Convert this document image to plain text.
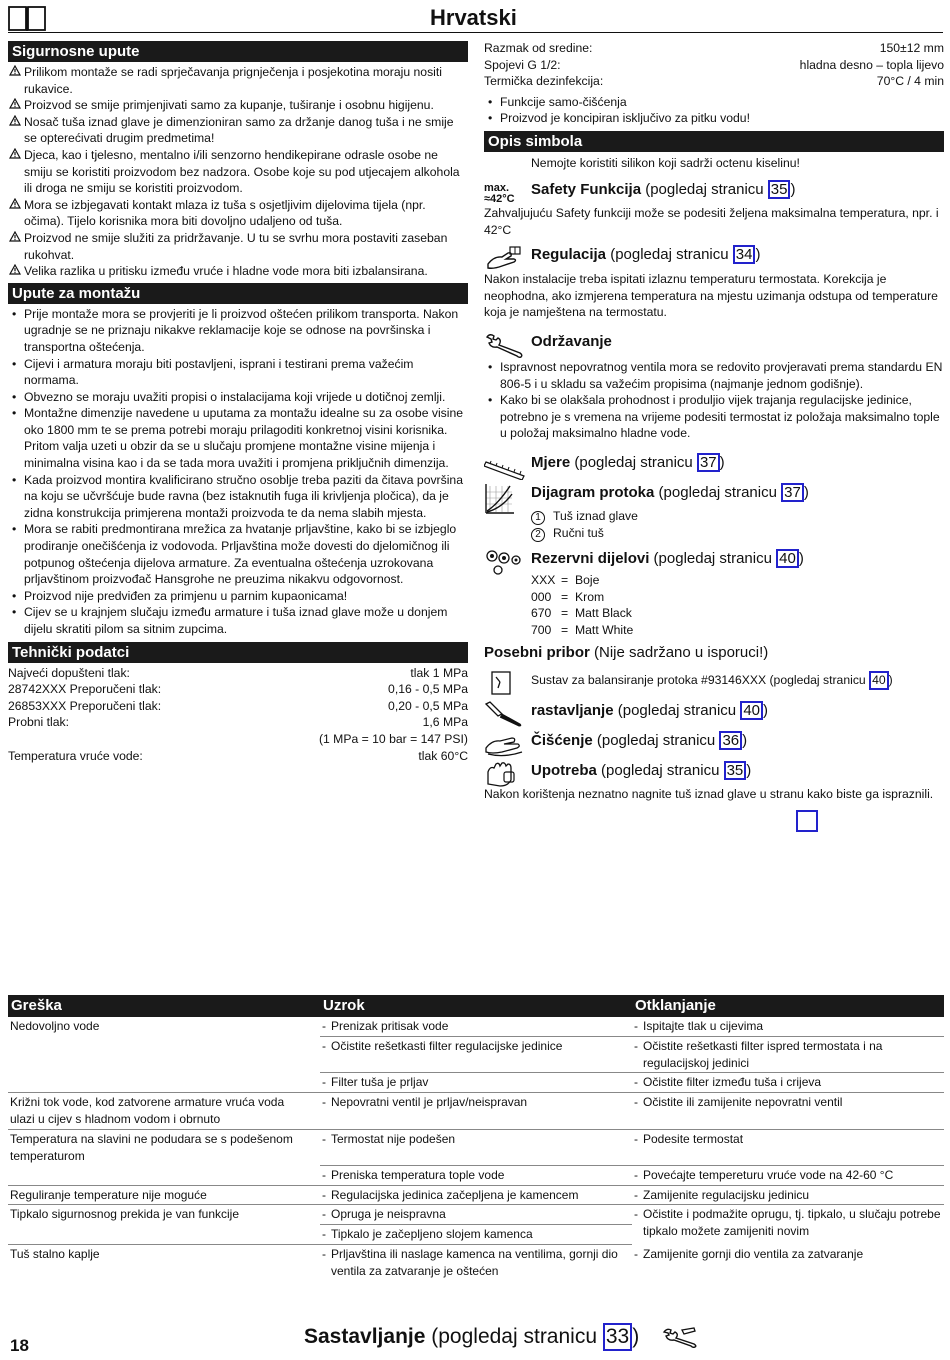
Hrvatski
Sigurnosne upute
Prilikom montaže se radi sprječavanja prignječenja i posjekotina moraju nositi rukavice.
Proizvod se smije primjenjivati samo za kupanje, tuširanje i osobnu higijenu.
Nosač tuša iznad glave je dimenzioniran samo za držanje danog tuša i ne smije se opterećivati drugim predmetima!
Djeca, kao i tjelesno, mentalno i/ili senzorno hendikepirane odrasle osobe ne smiju se koristiti proizvodom bez nadzora. Osobe koje su pod utjecajem alkohola ili droga ne smiju se koristiti proizvodom.
Mora se izbjegavati kontakt mlaza iz tuša s osjetljivim dijelovima tijela (npr. očima). Tijelo korisnika mora biti dovoljno udaljeno od tuša.
Proizvod ne smije služiti za pridržavanje. U tu se svrhu mora postaviti zaseban rukohvat.
Velika razlika u pritisku između vruće i hladne vode mora biti izbalansirana.
Upute za montažu
• Prije montaže mora se provjeriti je li proizvod oštećen prilikom transporta. Nakon ugradnje se ne priznaju nikakve reklamacije koje se odnose na površinska i transportna oštećenja.
• Cijevi i armatura moraju biti postavljeni, isprani i testirani prema važećim normama.
• Obvezno se moraju uvažiti propisi o instalacijama koji vrijede u dotičnoj zemlji.
• Montažne dimenzije navedene u uputama za montažu idealne su za osobe visine oko 1800 mm te se prema potrebi moraju prilagoditi konkretnoj visini korisnika. Pritom valja uzeti u obzir da se u slučaju promjene montažne visine mijenja i minimalna visina kao i da se tada mora uvažiti i promjena priključnih dimenzija.
• Kada proizvod montira kvalificirano stručno osoblje treba paziti da čitava površina na koju se učvršćuje bude ravna (bez istaknutih fuga ili krivljenja pločica), da je zidna konstrukcija primjerena montaži proizvoda te da nema slabih mjesta.
• Mora se rabiti predmontirana mrežica za hvatanje prljavštine, kako bi se izbjeglo prodiranje onečišćenja iz vodovoda. Prljavština može dovesti do djelomičnog ili potpunog oštećenja dijelova armature. Za eventualna oštećenja uzrokovana prljavštinom proizvođač Hansgrohe ne preuzima nikakvu odgovornost.
• Proizvod nije predviđen za primjenu u parnim kupaonicama!
• Cijev se u krajnjem slučaju između armature i tuša iznad glave može u donjem dijelu skratiti pilom sa sitnim zupcima.
Tehnički podatci
Najveći dopušteni tlak:	tlak 1 MPa
28742XXX Preporučeni tlak:	0,16 - 0,5 MPa
26853XXX Preporučeni tlak:	0,20 - 0,5 MPa
Probni tlak:	1,6 MPa
(1 MPa = 10 bar = 147 PSI)
Temperatura vruće vode:	tlak 60°C
Razmak od sredine:	150±12 mm
Spojevi G 1/2:	hladna desno – topla lijevo
Termička dezinfekcija:	70°C / 4 min
• Funkcije samo-čišćenja
• Proizvod je koncipiran isključivo za pitku vodu!
Opis simbola
Nemojte koristiti silikon koji sadrži octenu kiselinu!
max.
≈42°C
Safety Funkcija (pogledaj stranicu 35 )
Zahvaljujuću Safety funkciji može se podesiti željena maksimalna temperatura, npr. i 42°C
Regulacija (pogledaj stranicu 34 )
Nakon instalacije treba ispitati izlaznu temperaturu termostata. Korekcija je neophodna, ako izmjerena temperatura na mjestu uzimanja odstupa od temperature koja je namještena na termostatu.
Održavanje
• Ispravnost nepovratnog ventila mora se redovito provjeravati prema standardu EN 806-5 i u skladu sa važećim propisima (najmanje jednom godišnje).
• Kako bi se olakšala prohodnost i produljio vijek trajanja regulacijske jedinice, potrebno je s vremena na vrijeme podesiti termostat iz položaja maksimalno tople u položaj maksimalno hladne vode.
Mjere (pogledaj stranicu 37 )
Dijagram protoka (pogledaj stranicu 37 )
1 Tuš iznad glave
2 Ručni tuš
Rezervni dijelovi (pogledaj stranicu 40 )
XXX = Boje
000 = Krom
670 = Matt Black
700 = Matt White
Posebni pribor (Nije sadržano u isporuci!)
Sustav za balansiranje protoka #93146XXX (pogledaj stranicu 40 )
rastavljanje (pogledaj stranicu 40 )
Čišćenje (pogledaj stranicu 36 )
Upotreba (pogledaj stranicu 35 )
Nakon korištenja neznatno nagnite tuš iznad glave u stranu kako biste ga ispraznili.
Greška	Uzrok	Otklanjanje
Nedovoljno vode	- Prenizak pritisak vode	- Ispitajte tlak u cijevima

	- Očistite rešetkasti filter regulacijske jedinice	- Očistite rešetkasti filter ispred termostata i na regulacijskoj jedinici

	- Filter tuša je prljav	- Očistite filter između tuša i crijeva

Križni tok vode, kod zatvorene armature vruća voda ulazi u cijev s hladnom vodom i obrnuto	- Nepovratni ventil je prljav/neispravan	- Očistite ili zamijenite nepovratni ventil

Temperatura na slavini ne podudara se s podešenom temperaturom	- Termostat nije podešen	- Podesite termostat

	- Preniska temperatura tople vode	- Povećajte tempereturu vruće vode na 42-60 °C

Reguliranje temperature nije moguće	- Regulacijska jedinica začepljena je kamencem	- Zamijenite regulacijsku jedinicu

Tipkalo sigurnosnog prekida je van funkcije	- Opruga je neispravna	- Očistite i podmažite oprugu, tj. tipkalo, u slučaju potrebe tipkalo možete zamijeniti novim

	- Tipkalo je začepljeno slojem kamenca

Tuš stalno kaplje	- Prljavština ili naslage kamenca na ventilima, gornji dio ventila za zatvaranje je oštećen	- Zamijenite gornji dio ventila za zatvaranje
18	Sastavljanje (pogledaj stranicu 33 )
